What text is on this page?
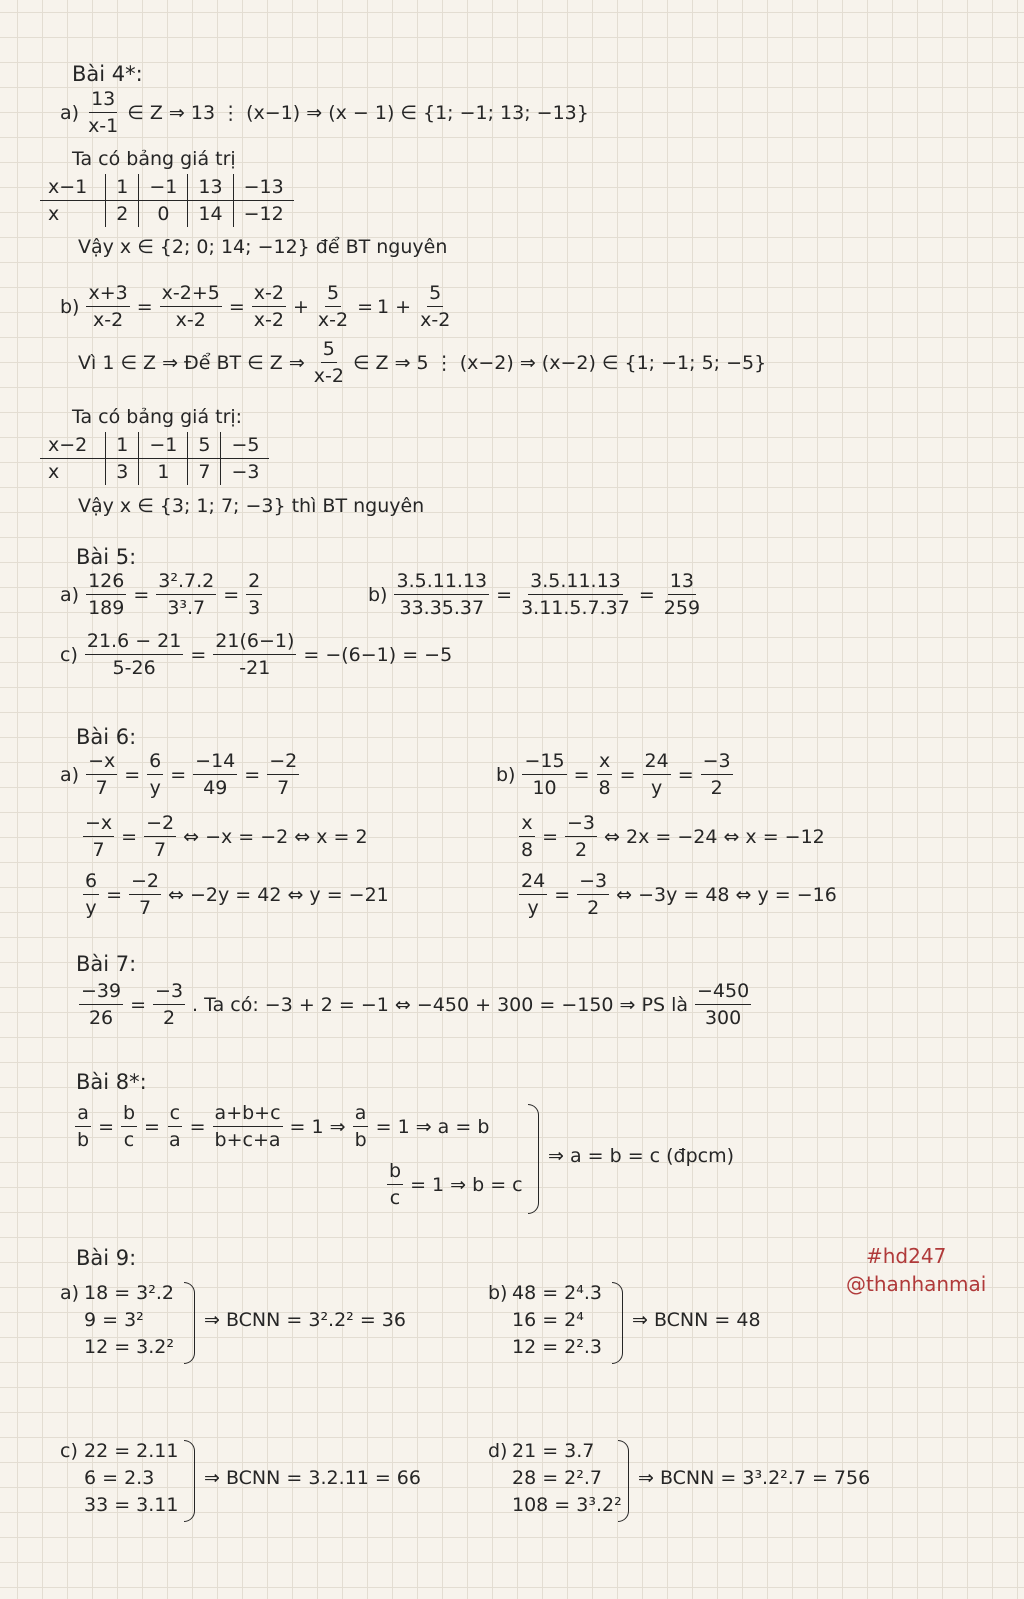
Bài 4*:
$a) \frac{13}{x-1}$ ∈ Z ⇒ 13 ⋮ (x−1) ⇒ (x − 1) ∈ {1; −1; 13; −13}
Ta có bảng giá trị
x−1	1	−1	13	−13
x	2	0	14	−12
Vậy x ∈ {2; 0; 14; −12} để BT nguyên
$b) \frac{x+3}{x-2} = \frac{x-2+5}{x-2} = \frac{x-2}{x-2} + \frac{5}{x-2} = 1 + \frac{5}{x-2}$
Vì 1 ∈ Z ⇒ Để BT ∈ Z ⇒ $\frac{5}{x-2}$ ∈ Z ⇒ 5 ⋮ (x−2) ⇒ (x−2) ∈ {1; −1; 5; −5}
Ta có bảng giá trị:
x−2	1	−1	5	−5
x	3	1	7	−3
Vậy x ∈ {3; 1; 7; −3} thì BT nguyên
Bài 5:
$a) \frac{126}{189} = \frac{\text{3².7.2}}{\text{3³.7}} = \frac{2}{3}$	$b) \frac{3.5.11.13}{33.35.37} = \frac{3.5.11.13}{3.11.5.7.37} = \frac{13}{259}$
$c) \frac{21.6 - 21}{5-26} = \frac{21(6-1)}{-21} = -(6-1) = -5$
Bài 6:
$a) \frac{-x}{7} = \frac{6}{y} = \frac{-14}{49} = \frac{-2}{7}$
$\frac{-x}{7} = \frac{-2}{7}$ ⇔ −x = −2 ⇔ x = 2
$\frac{6}{y} = \frac{-2}{7}$ ⇔ −2y = 42 ⇔ y = −21
$b) \frac{-15}{10} = \frac{x}{8} = \frac{24}{y} = \frac{-3}{2}$
$\frac{x}{8} = \frac{-3}{2}$ ⇔ 2x = −24 ⇔ x = −12
$\frac{24}{y} = \frac{-3}{2}$ ⇔ −3y = 48 ⇔ y = −16
Bài 7:
$\frac{-39}{26} = \frac{-3}{2}$ . Ta có: −3 + 2 = −1 ⇔ −450 + 300 = −150 ⇒ PS là $\frac{-450}{300}$
Bài 8*:
$\frac{a}{b} = \frac{b}{c} = \frac{c}{a} = \frac{a+b+c}{b+c+a} = 1$ ⇒ $\frac{a}{b} = 1$ ⇒ a = b
$\frac{b}{c} = 1$ ⇒ b = c
⇒ a = b = c (đpcm)
Bài 9:
a) 18 = 3².2
9 = 3²
12 = 3.2²
⇒ BCNN = 3².2² = 36
b) 48 = 2⁴.3
16 = 2⁴
12 = 2².3
⇒ BCNN = 48
c) 22 = 2.11
6 = 2.3
33 = 3.11
⇒ BCNN = 3.2.11 = 66
d) 21 = 3.7
28 = 2².7
108 = 3³.2²
⇒ BCNN = 3³.2².7 = 756
#hd247
@thanhanmai
